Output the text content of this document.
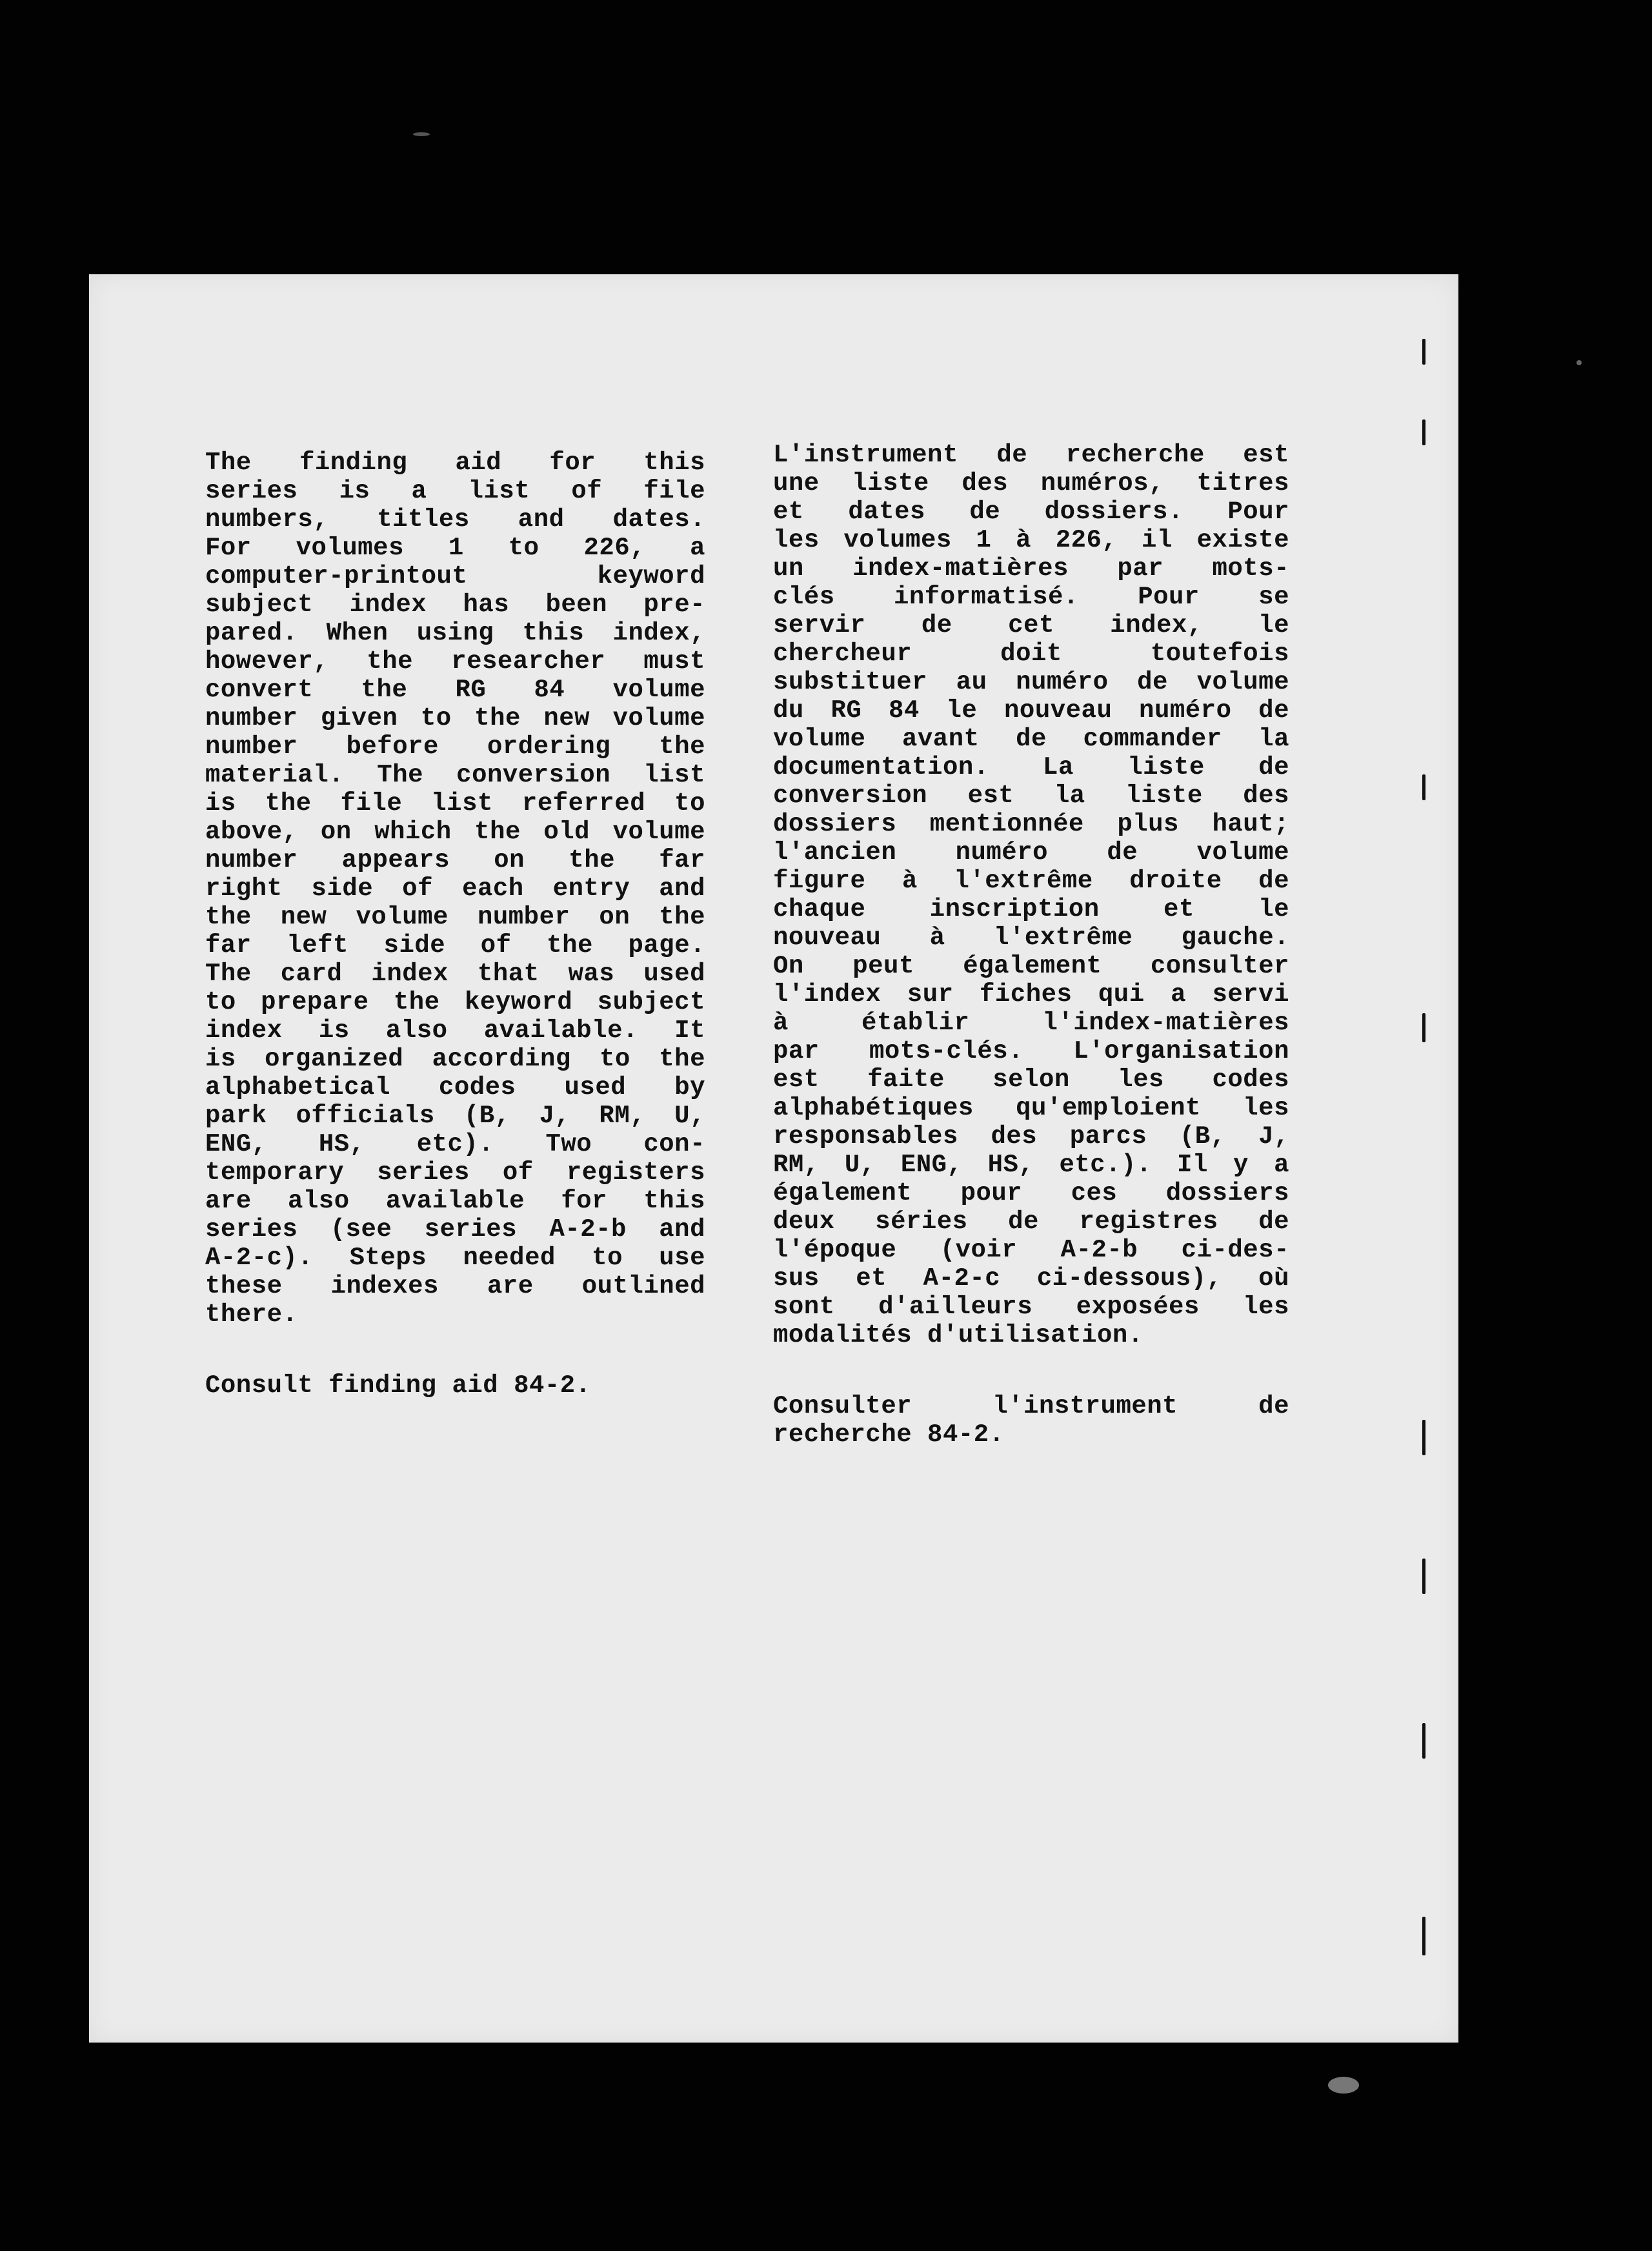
The finding aid for this
series is a list of file
numbers, titles and dates.
For volumes 1 to 226, a
computer-printout keyword
subject index has been pre-
pared. When using this index,
however, the researcher must
convert the RG 84 volume
number given to the new volume
number before ordering the
material. The conversion list
is the file list referred to
above, on which the old volume
number appears on the far
right side of each entry and
the new volume number on the
far left side of the page.
The card index that was used
to prepare the keyword subject
index is also available. It
is organized according to the
alphabetical codes used by
park officials (B, J, RM, U,
ENG, HS, etc). Two con-
temporary series of registers
are also available for this
series (see series A-2-b and
A-2-c). Steps needed to use
these indexes are outlined
there.
Consult finding aid 84-2.
L'instrument de recherche est
une liste des numéros, titres
et dates de dossiers. Pour
les volumes 1 à 226, il existe
un index-matières par mots-
clés informatisé. Pour se
servir de cet index, le
chercheur doit toutefois
substituer au numéro de volume
du RG 84 le nouveau numéro de
volume avant de commander la
documentation. La liste de
conversion est la liste des
dossiers mentionnée plus haut;
l'ancien numéro de volume
figure à l'extrême droite de
chaque inscription et le
nouveau à l'extrême gauche.
On peut également consulter
l'index sur fiches qui a servi
à établir l'index-matières
par mots-clés. L'organisation
est faite selon les codes
alphabétiques qu'emploient les
responsables des parcs (B, J,
RM, U, ENG, HS, etc.). Il y a
également pour ces dossiers
deux séries de registres de
l'époque (voir A-2-b ci-des-
sus et A-2-c ci-dessous), où
sont d'ailleurs exposées les
modalités d'utilisation.
Consulter l'instrument de
recherche 84-2.
